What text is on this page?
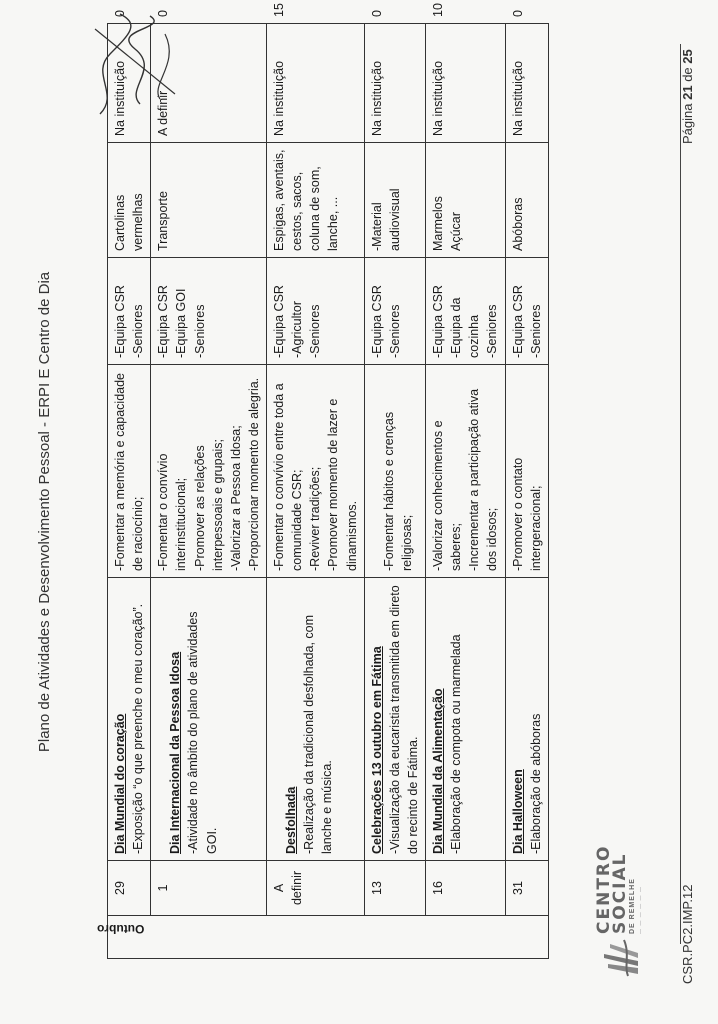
Plano de Atividades e Desenvolvimento Pessoal - ERPI E Centro de Dia
Outubro	29	Dia Mundial do coração -Exposição “o que preenche o meu coração”.	-Fomentar a memória e capacidade de raciocínio;	-Equipa CSR -Seniores	Cartolinas vermelhas	Na instituição	0
	1	Dia Internacional da Pessoa Idosa -Atividade no âmbito do plano de atividades GOI.	-Fomentar o convívio interinstitucional; -Promover as relações interpessoais e grupais; -Valorizar a Pessoa Idosa; -Proporcionar momento de alegria.	-Equipa CSR -Equipa GOI -Seniores	Transporte	A definir	0
	A definir	Desfolhada -Realização da tradicional desfolhada, com lanche e música.	-Fomentar o convívio entre toda a comunidade CSR; -Reviver tradições; -Promover momento de lazer e dinamismos.	-Equipa CSR -Agricultor -Seniores	Espigas, aventais, cestos, sacos, coluna de som, lanche, ...	Na instituição	15
	13	Celebrações 13 outubro em Fátima -Visualização da eucaristia transmitida em direto do recinto de Fátima.	-Fomentar hábitos e crenças religiosas;	-Equipa CSR -Seniores	-Material audiovisual	Na instituição	0
	16	Dia Mundial da Alimentação -Elaboração de compota ou marmelada	-Valorizar conhecimentos e saberes; -Incrementar a participação ativa dos idosos;	-Equipa CSR -Equipa da cozinha -Seniores	Marmelos Açúcar	Na instituição	10
	31	Dia Halloween -Elaboração de abóboras	-Promover o contato intergeracional;	-Equipa CSR -Seniores	Abóboras	Na instituição	0
CENTRO
SOCIAL DE REMELHE — — — — — —	CSR.PC2.IMP.12
Página 21 de 25
